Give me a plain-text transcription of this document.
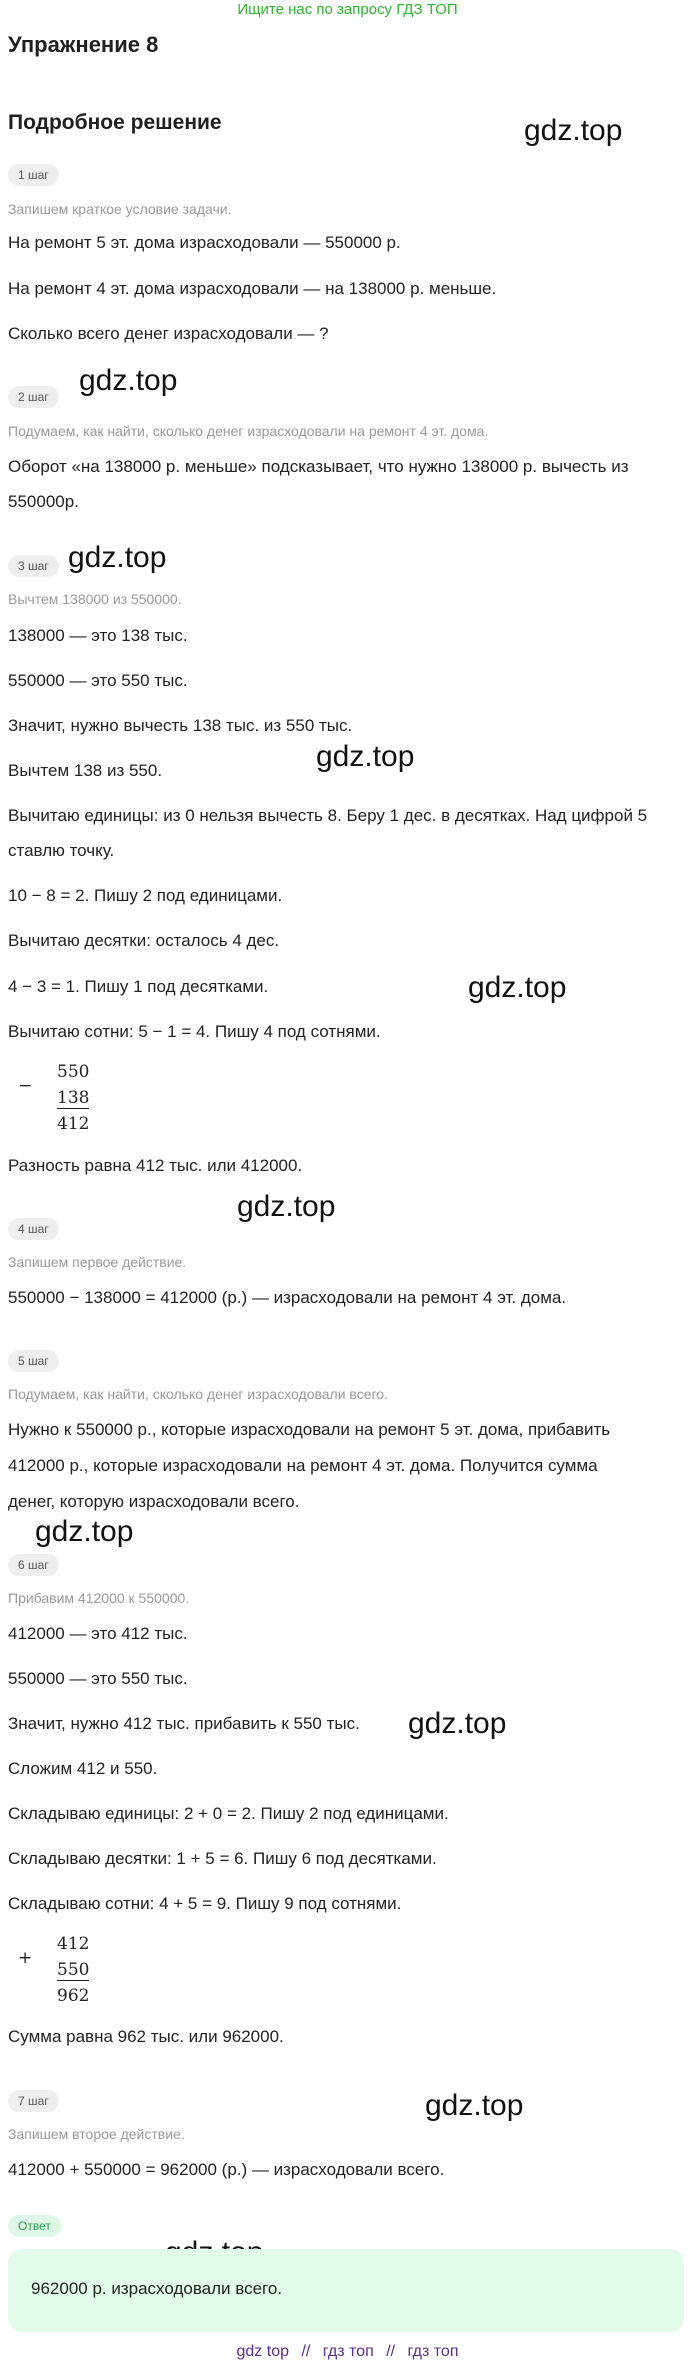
Ищите нас по запросу ГДЗ ТОП
Упражнение 8
Подробное решение	gdz.top
gdz.top
gdz.top
gdz.top
gdz.top
gdz.top
gdz.top
gdz.top
gdz.top
1 шаг
Запишем краткое условие задачи.
На ремонт 5 эт. дома израсходовали — 550000 р.
На ремонт 4 эт. дома израсходовали — на 138000 р. меньше.
Сколько всего денег израсходовали — ?
2 шаг
Подумаем, как найти, сколько денег израсходовали на ремонт 4 эт. дома.
Оборот «на 138000 р. меньше» подсказывает, что нужно 138000 р. вычесть из
550000р.
3 шаг
Вычтем 138000 из 550000.
138000 — это 138 тыс.
550000 — это 550 тыс.
Значит, нужно вычесть 138 тыс. из 550 тыс.
Вычтем 138 из 550.
Вычитаю единицы: из 0 нельзя вычесть 8. Беру 1 дес. в десятках. Над цифрой 5
ставлю точку.
10 − 8 = 2. Пишу 2 под единицами.
Вычитаю десятки: осталось 4 дес.
4 − 3 = 1. Пишу 1 под десятками.
Вычитаю сотни: 5 − 1 = 4. Пишу 4 под сотнями.
−
550
138
412
Разность равна 412 тыс. или 412000.
4 шаг
Запишем первое действие.
550000 − 138000 = 412000 (р.) — израсходовали на ремонт 4 эт. дома.
5 шаг
Подумаем, как найти, сколько денег израсходовали всего.
Нужно к 550000 р., которые израсходовали на ремонт 5 эт. дома, прибавить
412000 р., которые израсходовали на ремонт 4 эт. дома. Получится сумма
денег, которую израсходовали всего.
6 шаг
Прибавим 412000 к 550000.
412000 — это 412 тыс.
550000 — это 550 тыс.
Значит, нужно 412 тыс. прибавить к 550 тыс.
Сложим 412 и 550.
Складываю единицы: 2 + 0 = 2. Пишу 2 под единицами.
Складываю десятки: 1 + 5 = 6. Пишу 6 под десятками.
Складываю сотни: 4 + 5 = 9. Пишу 9 под сотнями.
+
412
550
962
Сумма равна 962 тыс. или 962000.
7 шаг
Запишем второе действие.
412000 + 550000 = 962000 (р.) — израсходовали всего.
Ответ
962000 р. израсходовали всего.
gdz top // гдз топ // гдз топ
